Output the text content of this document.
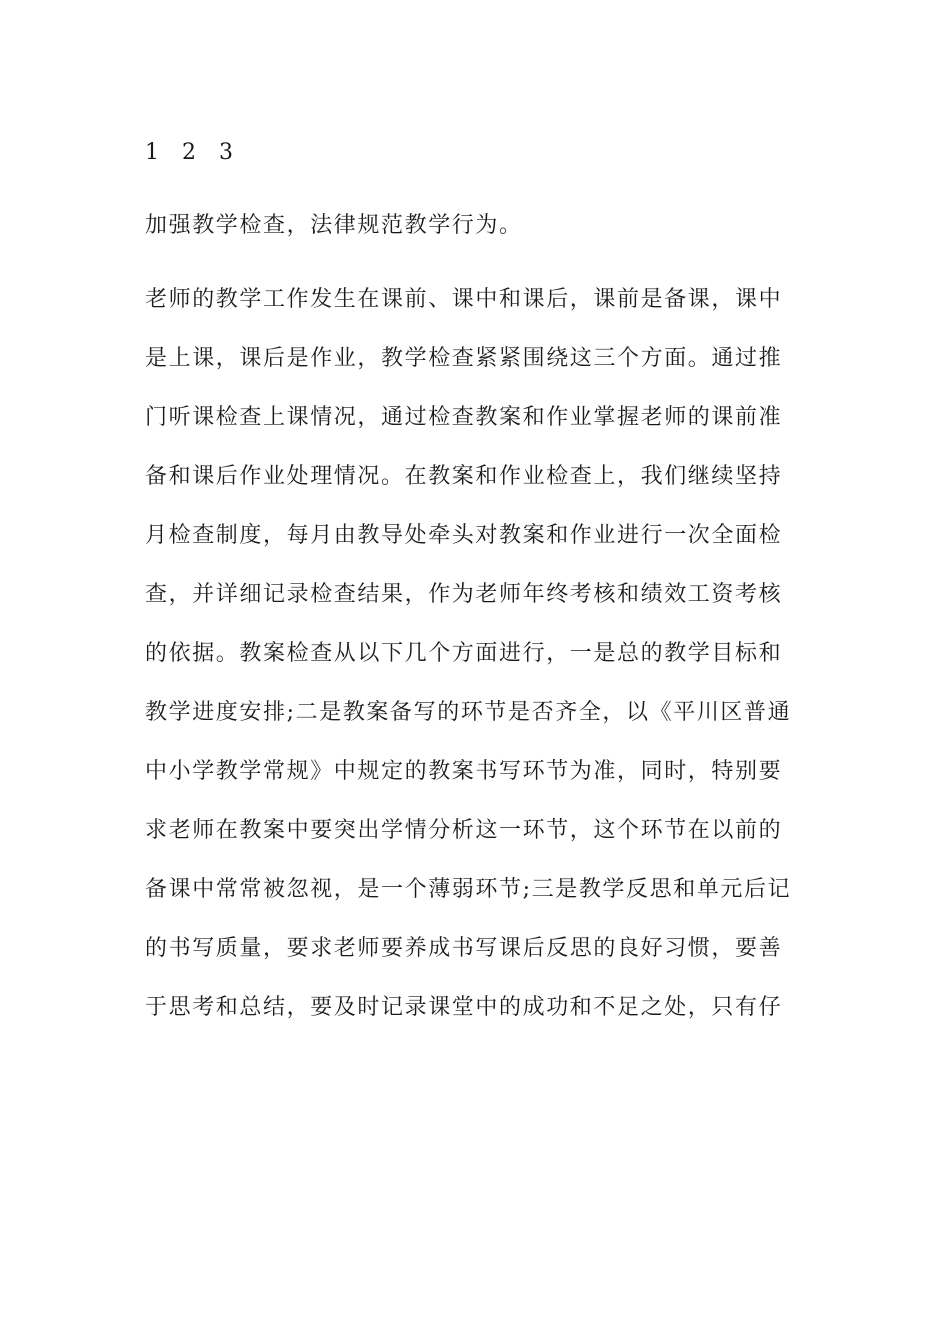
1 2 3
加强教学检查，法律规范教学行为。
老师的教学工作发生在课前、课中和课后，课前是备课，课中
是上课，课后是作业，教学检查紧紧围绕这三个方面。通过推
门听课检查上课情况，通过检查教案和作业掌握老师的课前准
备和课后作业处理情况。在教案和作业检查上，我们继续坚持
月检查制度，每月由教导处牵头对教案和作业进行一次全面检
查，并详细记录检查结果，作为老师年终考核和绩效工资考核
的依据。教案检查从以下几个方面进行，一是总的教学目标和
教学进度安排;二是教案备写的环节是否齐全，以《平川区普通
中小学教学常规》中规定的教案书写环节为准，同时，特别要
求老师在教案中要突出学情分析这一环节，这个环节在以前的
备课中常常被忽视，是一个薄弱环节;三是教学反思和单元后记
的书写质量，要求老师要养成书写课后反思的良好习惯，要善
于思考和总结，要及时记录课堂中的成功和不足之处，只有仔
